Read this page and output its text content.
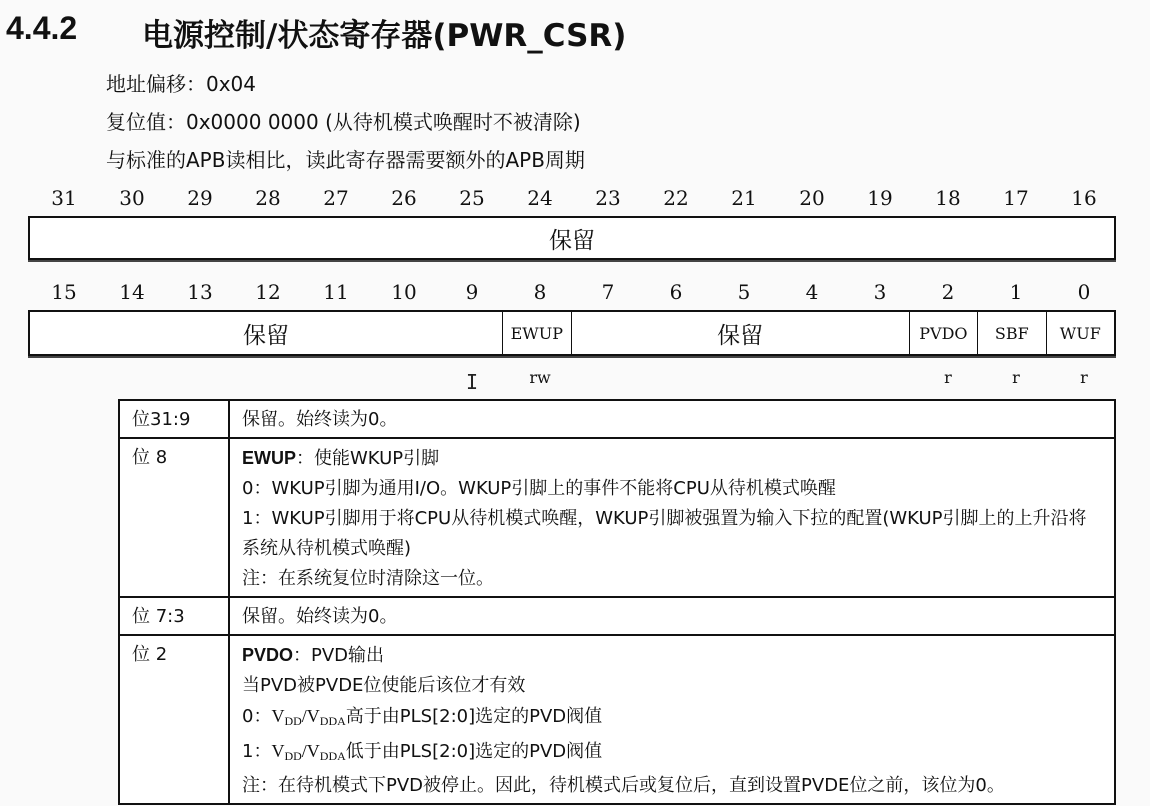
4.4.2 电源控制/状态寄存器(PWR_CSR)
地址偏移：0x04
复位值：0x0000 0000 (从待机模式唤醒时不被清除)
与标准的APB读相比，读此寄存器需要额外的APB周期
31	30	29	28	27	26	25	24	23	22	21	20	19	18	17	16
保留
15	14	13	12	11	10	9	8	7	6	5	4	3	2	1	0
保留	EWUP	保留	PVDO	SBF	WUF
rw	r	r	r
I
位31:9	保留。始终读为0。
位 8	EWUP：使能WKUP引脚

0：WKUP引脚为通用I/O。WKUP引脚上的事件不能将CPU从待机模式唤醒

1：WKUP引脚用于将CPU从待机模式唤醒，WKUP引脚被强置为输入下拉的配置(WKUP引脚上的上升沿将系统从待机模式唤醒)

注：在系统复位时清除这一位。

位 7:3	保留。始终读为0。
位 2	PVDO：PVD输出

当PVD被PVDE位使能后该位才有效

0：$V_{DD}/V_{DDA}$高于由PLS[2:0]选定的PVD阀值

1：$V_{DD}/V_{DDA}$低于由PLS[2:0]选定的PVD阀值

注：在待机模式下PVD被停止。因此，待机模式后或复位后，直到设置PVDE位之前，该位为0。
